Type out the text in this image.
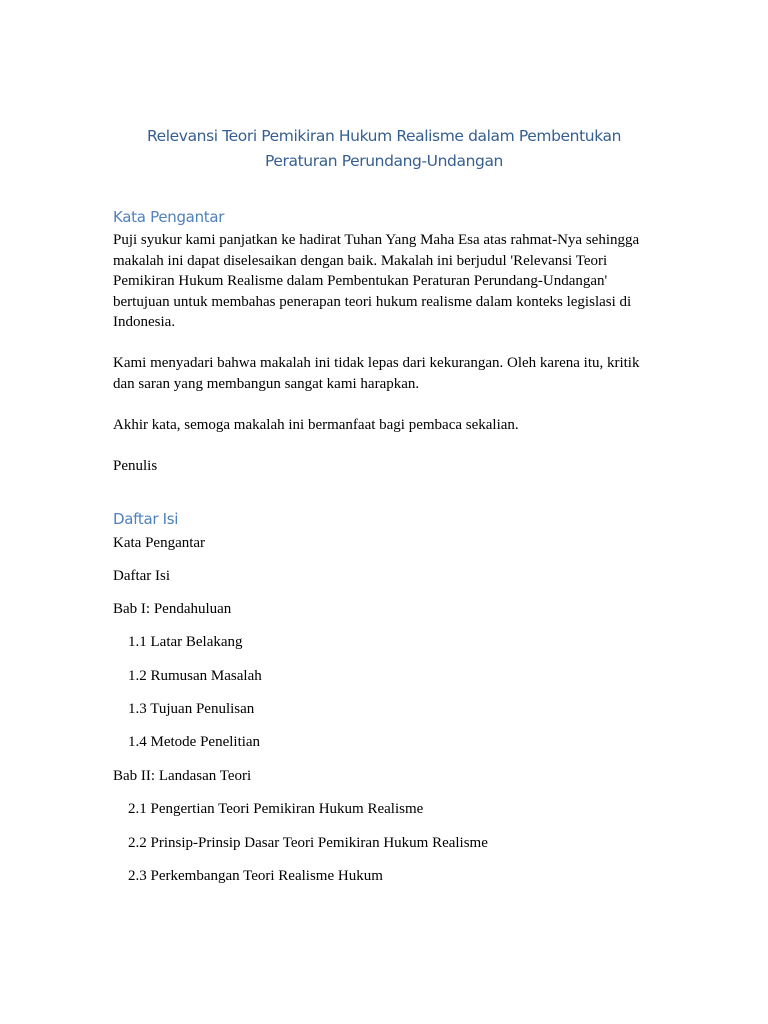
Relevansi Teori Pemikiran Hukum Realisme dalam Pembentukan Peraturan Perundang-Undangan
Kata Pengantar
Puji syukur kami panjatkan ke hadirat Tuhan Yang Maha Esa atas rahmat-Nya sehingga makalah ini dapat diselesaikan dengan baik. Makalah ini berjudul 'Relevansi Teori Pemikiran Hukum Realisme dalam Pembentukan Peraturan Perundang-Undangan' bertujuan untuk membahas penerapan teori hukum realisme dalam konteks legislasi di Indonesia.
Kami menyadari bahwa makalah ini tidak lepas dari kekurangan. Oleh karena itu, kritik dan saran yang membangun sangat kami harapkan.
Akhir kata, semoga makalah ini bermanfaat bagi pembaca sekalian.
Penulis
Daftar Isi
Kata Pengantar
Daftar Isi
Bab I: Pendahuluan
1.1 Latar Belakang
1.2 Rumusan Masalah
1.3 Tujuan Penulisan
1.4 Metode Penelitian
Bab II: Landasan Teori
2.1 Pengertian Teori Pemikiran Hukum Realisme
2.2 Prinsip-Prinsip Dasar Teori Pemikiran Hukum Realisme
2.3 Perkembangan Teori Realisme Hukum
